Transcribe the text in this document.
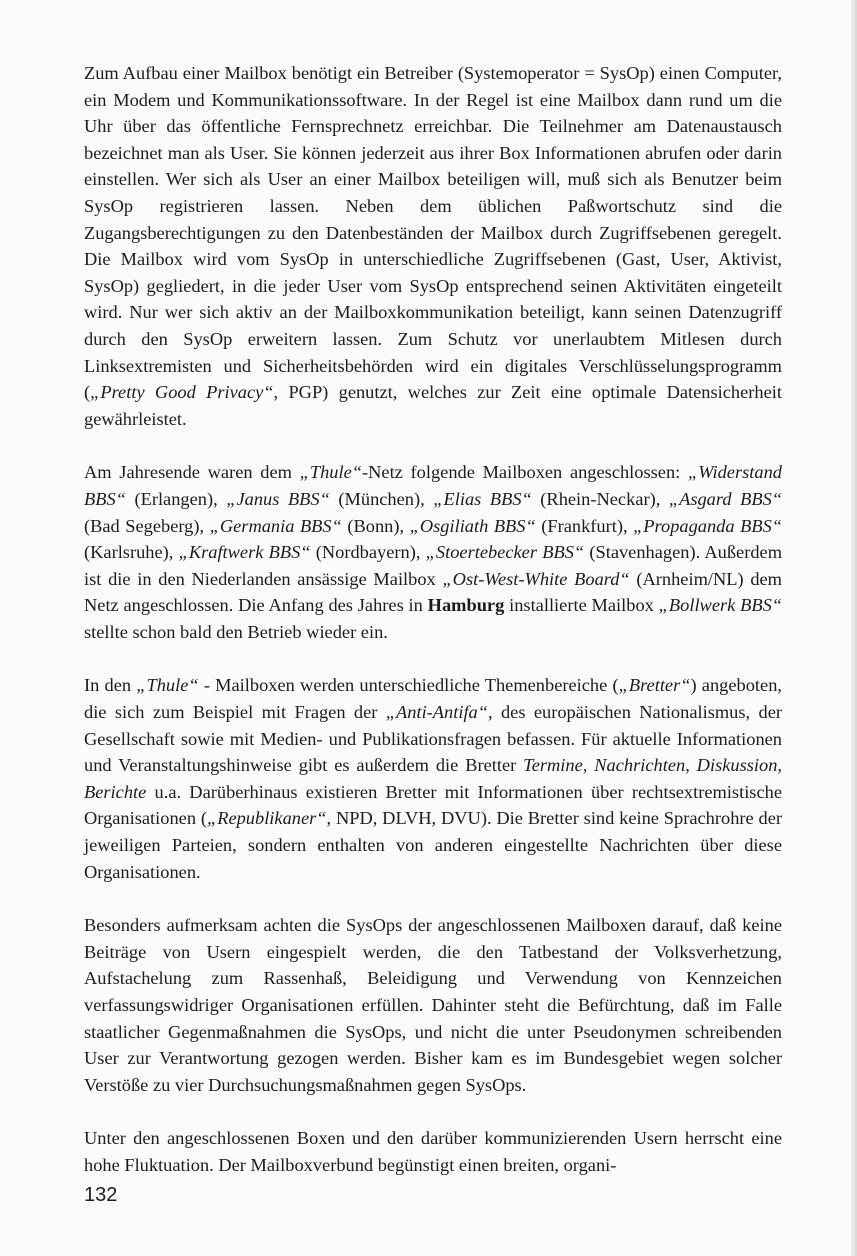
Zum Aufbau einer Mailbox benötigt ein Betreiber (Systemoperator = SysOp) einen Computer, ein Modem und Kommunikationssoftware. In der Regel ist eine Mailbox dann rund um die Uhr über das öffentliche Fernsprechnetz erreichbar. Die Teilnehmer am Datenaustausch bezeichnet man als User. Sie können jederzeit aus ihrer Box Informationen abrufen oder darin einstellen. Wer sich als User an einer Mailbox beteiligen will, muß sich als Benutzer beim SysOp registrieren lassen. Neben dem üblichen Paßwortschutz sind die Zugangsberechtigungen zu den Datenbeständen der Mailbox durch Zugriffsebenen geregelt. Die Mailbox wird vom SysOp in unterschiedliche Zugriffsebenen (Gast, User, Aktivist, SysOp) gegliedert, in die jeder User vom SysOp entsprechend seinen Aktivitäten eingeteilt wird. Nur wer sich aktiv an der Mailboxkommunikation beteiligt, kann seinen Datenzugriff durch den SysOp erweitern lassen. Zum Schutz vor unerlaubtem Mitlesen durch Linksextremisten und Sicherheitsbehörden wird ein digitales Verschlüsselungsprogramm („Pretty Good Privacy“, PGP) genutzt, welches zur Zeit eine optimale Datensicherheit gewährleistet.

Am Jahresende waren dem „Thule“-Netz folgende Mailboxen angeschlossen: „Widerstand BBS“ (Erlangen), „Janus BBS“ (München), „Elias BBS“ (Rhein-Neckar), „Asgard BBS“ (Bad Segeberg), „Germania BBS“ (Bonn), „Osgiliath BBS“ (Frankfurt), „Propaganda BBS“ (Karlsruhe), „Kraftwerk BBS“ (Nordbayern), „Stoertebecker BBS“ (Stavenhagen). Außerdem ist die in den Niederlanden ansässige Mailbox „Ost-West-White Board“ (Arnheim/NL) dem Netz angeschlossen. Die Anfang des Jahres in Hamburg installierte Mailbox „Bollwerk BBS“ stellte schon bald den Betrieb wieder ein.

In den „Thule“ - Mailboxen werden unterschiedliche Themenbereiche („Bretter“) angeboten, die sich zum Beispiel mit Fragen der „Anti-Antifa“, des europäischen Nationalismus, der Gesellschaft sowie mit Medien- und Publikationsfragen befassen. Für aktuelle Informationen und Veranstaltungshinweise gibt es außerdem die Bretter Termine, Nachrichten, Diskussion, Berichte u.a. Darüberhinaus existieren Bretter mit Informationen über rechtsextremistische Organisationen („Republikaner“, NPD, DLVH, DVU). Die Bretter sind keine Sprachrohre der jeweiligen Parteien, sondern enthalten von anderen eingestellte Nachrichten über diese Organisationen.

Besonders aufmerksam achten die SysOps der angeschlossenen Mailboxen darauf, daß keine Beiträge von Usern eingespielt werden, die den Tatbestand der Volksverhetzung, Aufstachelung zum Rassenhaß, Beleidigung und Verwendung von Kennzeichen verfassungswidriger Organisationen erfüllen. Dahinter steht die Befürchtung, daß im Falle staatlicher Gegenmaßnahmen die SysOps, und nicht die unter Pseudonymen schreibenden User zur Verantwortung gezogen werden. Bisher kam es im Bundesgebiet wegen solcher Verstöße zu vier Durchsuchungsmaßnahmen gegen SysOps.

Unter den angeschlossenen Boxen und den darüber kommunizierenden Usern herrscht eine hohe Fluktuation. Der Mailboxverbund begünstigt einen breiten, organi-

132
